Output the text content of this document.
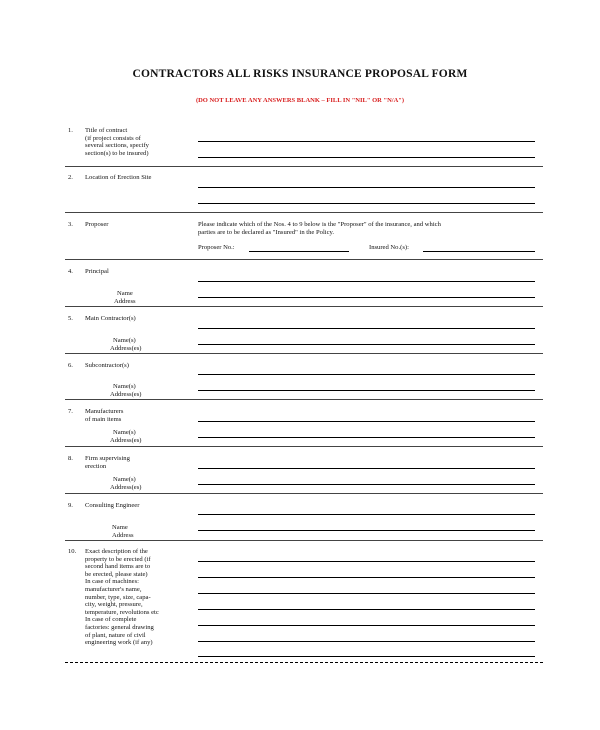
CONTRACTORS ALL RISKS INSURANCE PROPOSAL FORM
(DO NOT LEAVE ANY ANSWERS BLANK – FILL IN "NIL" OR "N/A")
1. Title of contract
(if project consists of
several sections, specify
section(s) to be insured)
2. Location of Erection Site
3. Proposer	Please indicate which of the Nos. 4 to 9 below is the "Proposer" of the insurance, and which
parties are to be declared as "Insured" in the Policy.
Proposer No.:	Insured No.(s):
4. Principal
Name
Address
5. Main Contractor(s)
Name(s)
Address(es)
6. Subcontractor(s)
Name(s)
Address(es)
7. Manufacturers
of main items
Name(s)
Address(es)
8. Firm supervising
erection
Name(s)
Address(es)
9. Consulting Engineer
Name
Address
10. Exact description of the
property to be erected (if
second hand items are to
be erected, please state)
In case of machines:
manufacturer's name,
number, type, size, capa-
city, weight, pressure,
temperature, revolutions etc
In case of complete
factories: general drawing
of plant, nature of civil
engineering work (if any)
